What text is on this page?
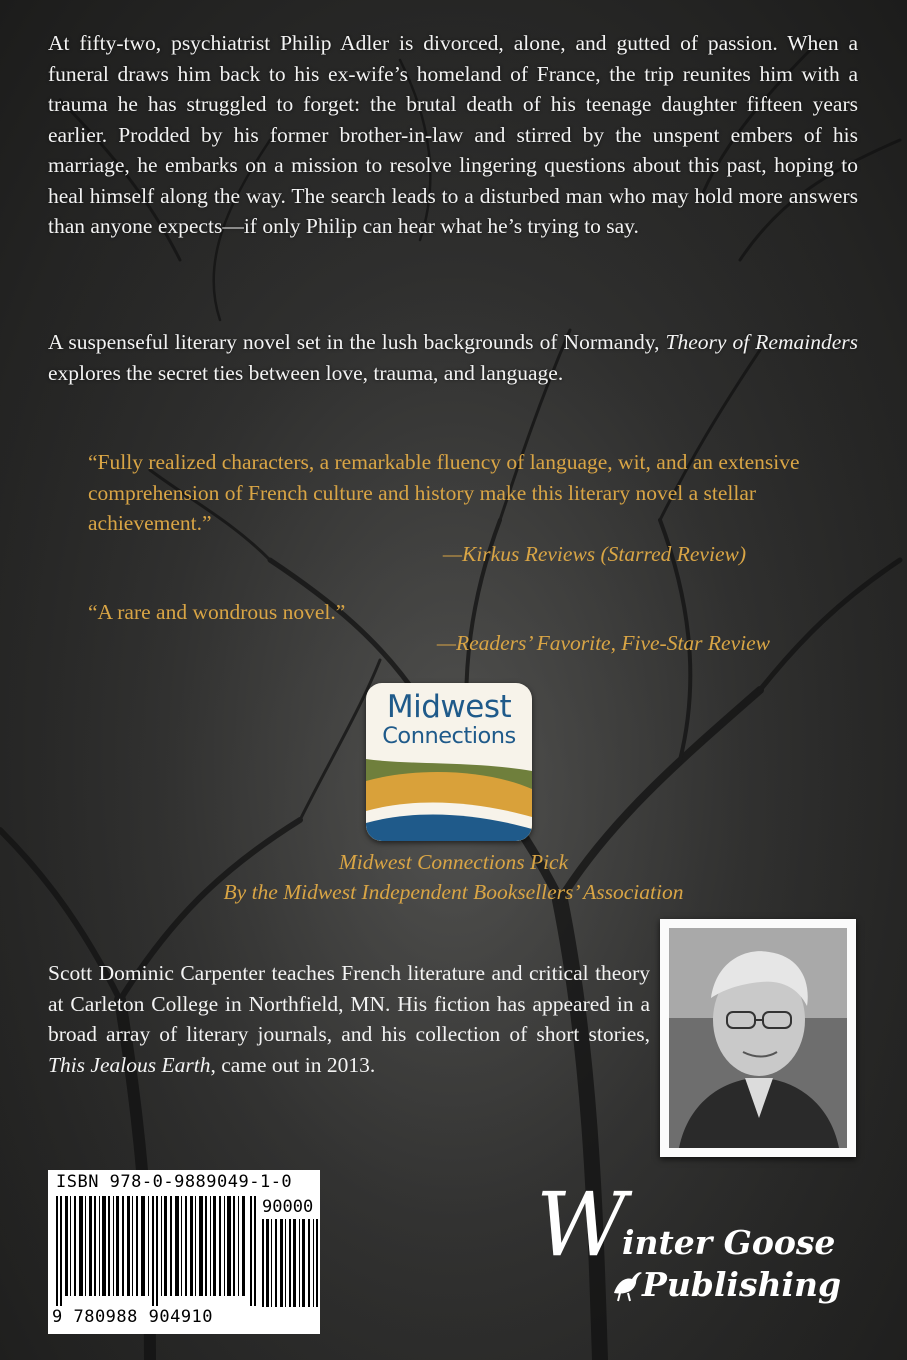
At fifty-two, psychiatrist Philip Adler is divorced, alone, and gutted of passion. When a funeral draws him back to his ex-wife’s homeland of France, the trip reunites him with a trauma he has struggled to forget: the brutal death of his teenage daughter fifteen years earlier. Prodded by his former brother-in-law and stirred by the unspent embers of his marriage, he embarks on a mission to resolve lingering questions about this past, hoping to heal himself along the way. The search leads to a disturbed man who may hold more answers than anyone expects—if only Philip can hear what he’s trying to say.

A suspenseful literary novel set in the lush backgrounds of Normandy, Theory of Remainders explores the secret ties between love, trauma, and language.

“Fully realized characters, a remarkable fluency of language, wit, and an extensive comprehension of French culture and history make this literary novel a stellar achievement.”
—Kirkus Reviews (Starred Review)

“A rare and wondrous novel.”
—Readers’ Favorite, Five-Star Review

Midwest
Connections

Midwest Connections Pick

By the Midwest Independent Booksellers’ Association

Scott Dominic Carpenter teaches French literature and critical theory at Carleton College in Northfield, MN. His fiction has appeared in a broad array of literary journals, and his collection of short stories, This Jealous Earth, came out in 2013.

ISBN 978-0-9889049-1-0
90000
9 780988 904910
W
inter Goose
Publishing
